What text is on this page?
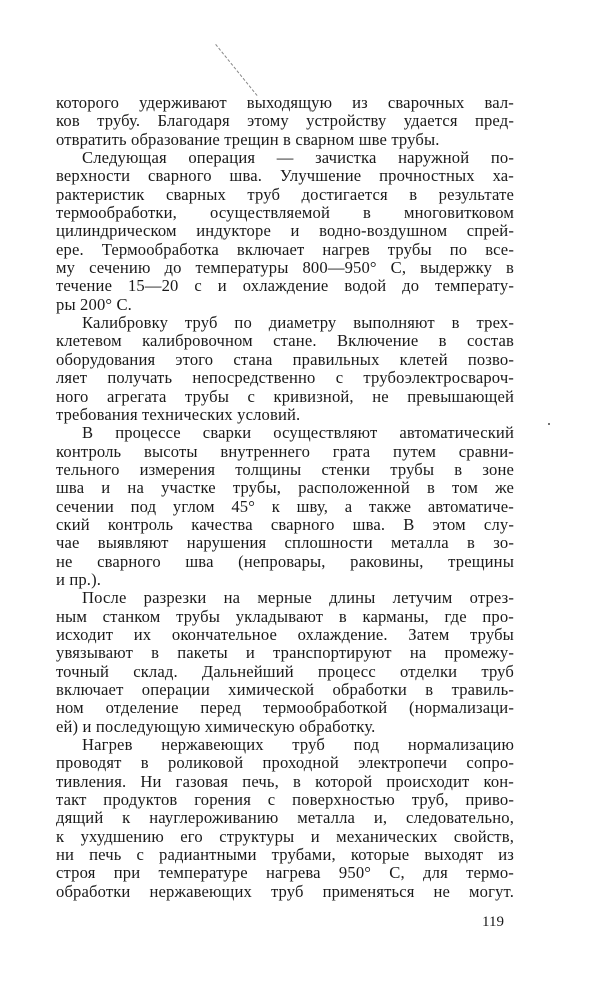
которого удерживают выходящую из сварочных вал-
ков трубу. Благодаря этому устройству удается пред-
отвратить образование трещин в сварном шве трубы.
Следующая операция — зачистка наружной по-
верхности сварного шва. Улучшение прочностных ха-
рактеристик сварных труб достигается в результате
термообработки, осуществляемой в многовитковом
цилиндрическом индукторе и водно-воздушном спрей-
ере. Термообработка включает нагрев трубы по все-
му сечению до температуры 800—950° С, выдержку в
течение 15—20 с и охлаждение водой до температу-
ры 200° С.
Калибровку труб по диаметру выполняют в трех-
клетевом калибровочном стане. Включение в состав
оборудования этого стана правильных клетей позво-
ляет получать непосредственно с трубоэлектросвароч-
ного агрегата трубы с кривизной, не превышающей
требования технических условий.
В процессе сварки осуществляют автоматический
контроль высоты внутреннего грата путем сравни-
тельного измерения толщины стенки трубы в зоне
шва и на участке трубы, расположенной в том же
сечении под углом 45° к шву, а также автоматиче-
ский контроль качества сварного шва. В этом слу-
чае выявляют нарушения сплошности металла в зо-
не сварного шва (непровары, раковины, трещины
и пр.).
После разрезки на мерные длины летучим отрез-
ным станком трубы укладывают в карманы, где про-
исходит их окончательное охлаждение. Затем трубы
увязывают в пакеты и транспортируют на промежу-
точный склад. Дальнейший процесс отделки труб
включает операции химической обработки в травиль-
ном отделение перед термообработкой (нормализаци-
ей) и последующую химическую обработку.
Нагрев нержавеющих труб под нормализацию
проводят в роликовой проходной электропечи сопро-
тивления. Ни газовая печь, в которой происходит кон-
такт продуктов горения с поверхностью труб, приво-
дящий к науглероживанию металла и, следовательно,
к ухудшению его структуры и механических свойств,
ни печь с радиантными трубами, которые выходят из
строя при температуре нагрева 950° С, для термо-
обработки нержавеющих труб применяться не могут.
119
